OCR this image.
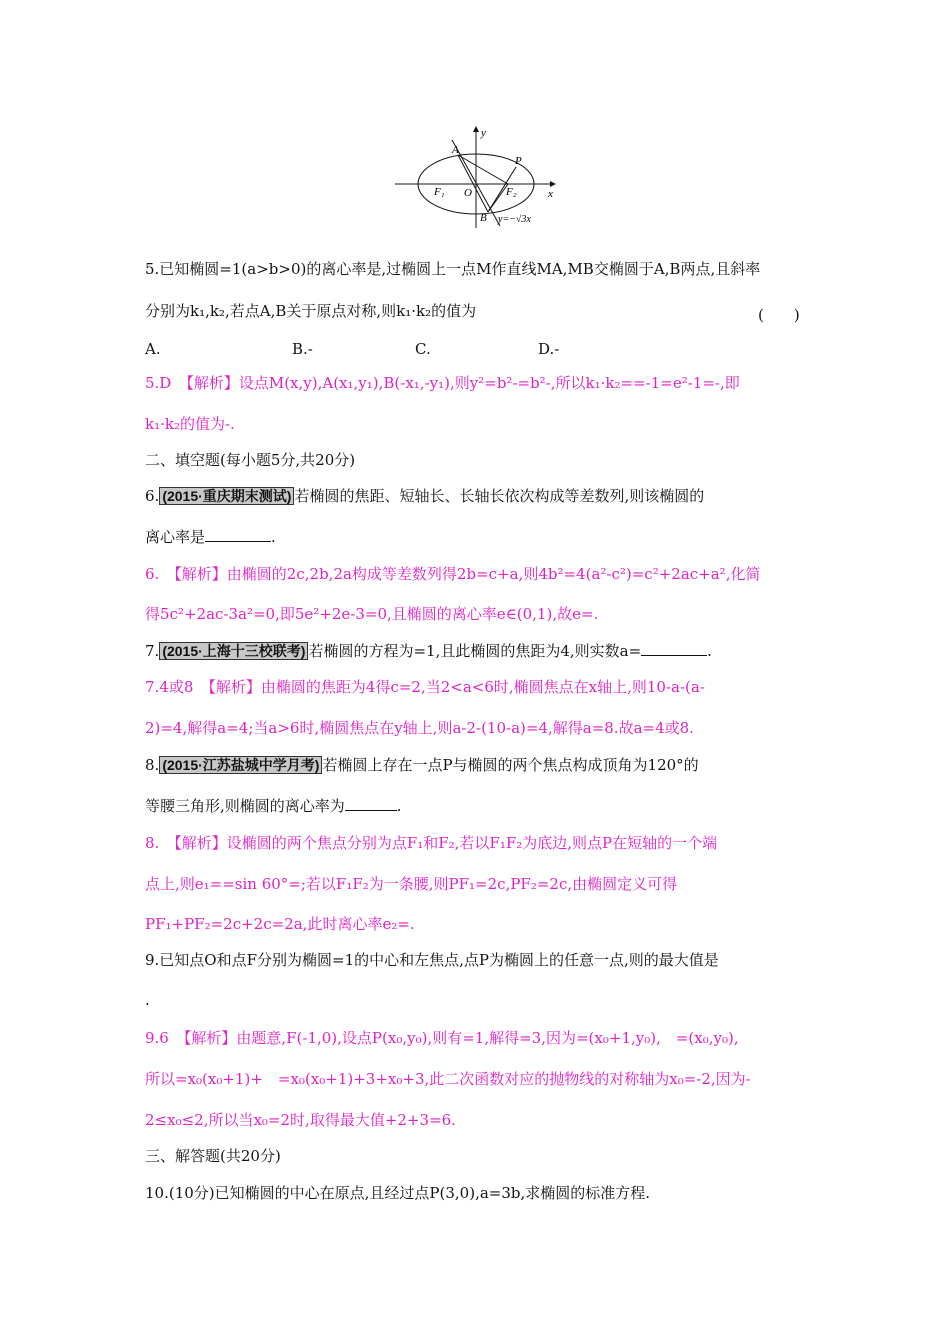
y
x
A
P
F₁ O	F₂
B y=−√3x
5.已知椭圆=1(a>b>0)的离心率是,过椭圆上一点M作直线MA,MB交椭圆于A,B两点,且斜率
分别为k₁,k₂,若点A,B关于原点对称,则k₁·k₂的值为	(　　)
A.	B.-	C.	D.-
5.D　【解析】设点M(x,y),A(x₁,y₁),B(-x₁,-y₁),则y²=b²-=b²-,所以k₁·k₂==-1=e²-1=-,即
k₁·k₂的值为-.
二、填空题(每小题5分,共20分)
6. (2015·重庆期末测试) 若椭圆的焦距、短轴长、长轴长依次构成等差数列,则该椭圆的
离心率是	.
6.　【解析】由椭圆的2c,2b,2a构成等差数列得2b=c+a,则4b²=4(a²-c²)=c²+2ac+a²,化简
得5c²+2ac-3a²=0,即5e²+2e-3=0,且椭圆的离心率e∈(0,1),故e=.
7. (2015·上海十三校联考) 若椭圆的方程为=1,且此椭圆的焦距为4,则实数a=	.
7.4或8　【解析】由椭圆的焦距为4得c=2,当2<a<6时,椭圆焦点在x轴上,则10-a-(a-
2)=4,解得a=4;当a>6时,椭圆焦点在y轴上,则a-2-(10-a)=4,解得a=8.故a=4或8.
8. (2015·江苏盐城中学月考) 若椭圆上存在一点P与椭圆的两个焦点构成顶角为120°的
等腰三角形,则椭圆的离心率为	.
8.　【解析】设椭圆的两个焦点分别为点F₁和F₂,若以F₁F₂为底边,则点P在短轴的一个端
点上,则e₁==sin 60°=;若以F₁F₂为一条腰,则PF₁=2c,PF₂=2c,由椭圆定义可得
PF₁+PF₂=2c+2c=2a,此时离心率e₂=.
9.已知点O和点F分别为椭圆=1的中心和左焦点,点P为椭圆上的任意一点,则的最大值是
.
9.6　【解析】由题意,F(-1,0),设点P(x₀,y₀),则有=1,解得=3,因为=(x₀+1,y₀),　=(x₀,y₀),
所以=x₀(x₀+1)+　=x₀(x₀+1)+3+x₀+3,此二次函数对应的抛物线的对称轴为x₀=-2,因为-
2≤x₀≤2,所以当x₀=2时,取得最大值+2+3=6.
三、解答题(共20分)
10.(10分)已知椭圆的中心在原点,且经过点P(3,0),a=3b,求椭圆的标准方程.
